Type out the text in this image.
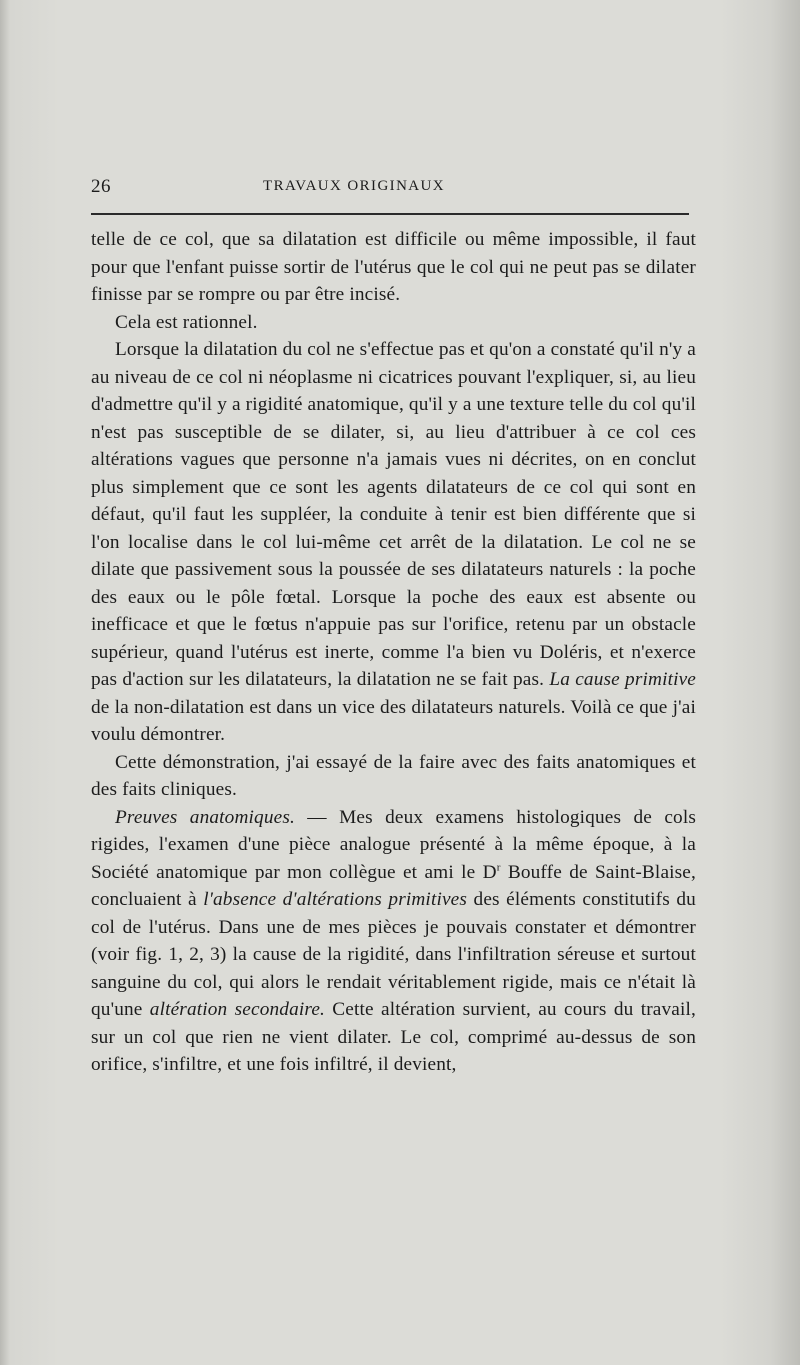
26	TRAVAUX ORIGINAUX

telle de ce col, que sa dilatation est difficile ou même impossible, il faut pour que l'enfant puisse sortir de l'utérus que le col qui ne peut pas se dilater finisse par se rompre ou par être incisé.

Cela est rationnel.

Lorsque la dilatation du col ne s'effectue pas et qu'on a constaté qu'il n'y a au niveau de ce col ni néoplasme ni cicatrices pouvant l'expliquer, si, au lieu d'admettre qu'il y a rigidité anatomique, qu'il y a une texture telle du col qu'il n'est pas susceptible de se dilater, si, au lieu d'attribuer à ce col ces altérations vagues que personne n'a jamais vues ni décrites, on en conclut plus simplement que ce sont les agents dilatateurs de ce col qui sont en défaut, qu'il faut les suppléer, la conduite à tenir est bien différente que si l'on localise dans le col lui-même cet arrêt de la dilatation. Le col ne se dilate que passivement sous la poussée de ses dilatateurs naturels : la poche des eaux ou le pôle fœtal. Lorsque la poche des eaux est absente ou inefficace et que le fœtus n'appuie pas sur l'orifice, retenu par un obstacle supérieur, quand l'utérus est inerte, comme l'a bien vu Doléris, et n'exerce pas d'action sur les dilatateurs, la dilatation ne se fait pas. La cause primitive de la non-dilatation est dans un vice des dilatateurs naturels. Voilà ce que j'ai voulu démontrer.

Cette démonstration, j'ai essayé de la faire avec des faits anatomiques et des faits cliniques.

Preuves anatomiques. — Mes deux examens histologiques de cols rigides, l'examen d'une pièce analogue présenté à la même époque, à la Société anatomique par mon collègue et ami le $D^r$ Bouffe de Saint-Blaise, concluaient à l'absence d'altérations primitives des éléments constitutifs du col de l'utérus. Dans une de mes pièces je pouvais constater et démontrer (voir fig. 1, 2, 3) la cause de la rigidité, dans l'infiltration séreuse et surtout sanguine du col, qui alors le rendait véritablement rigide, mais ce n'était là qu'une altération secondaire. Cette altération survient, au cours du travail, sur un col que rien ne vient dilater. Le col, comprimé au-dessus de son orifice, s'infiltre, et une fois infiltré, il devient,
